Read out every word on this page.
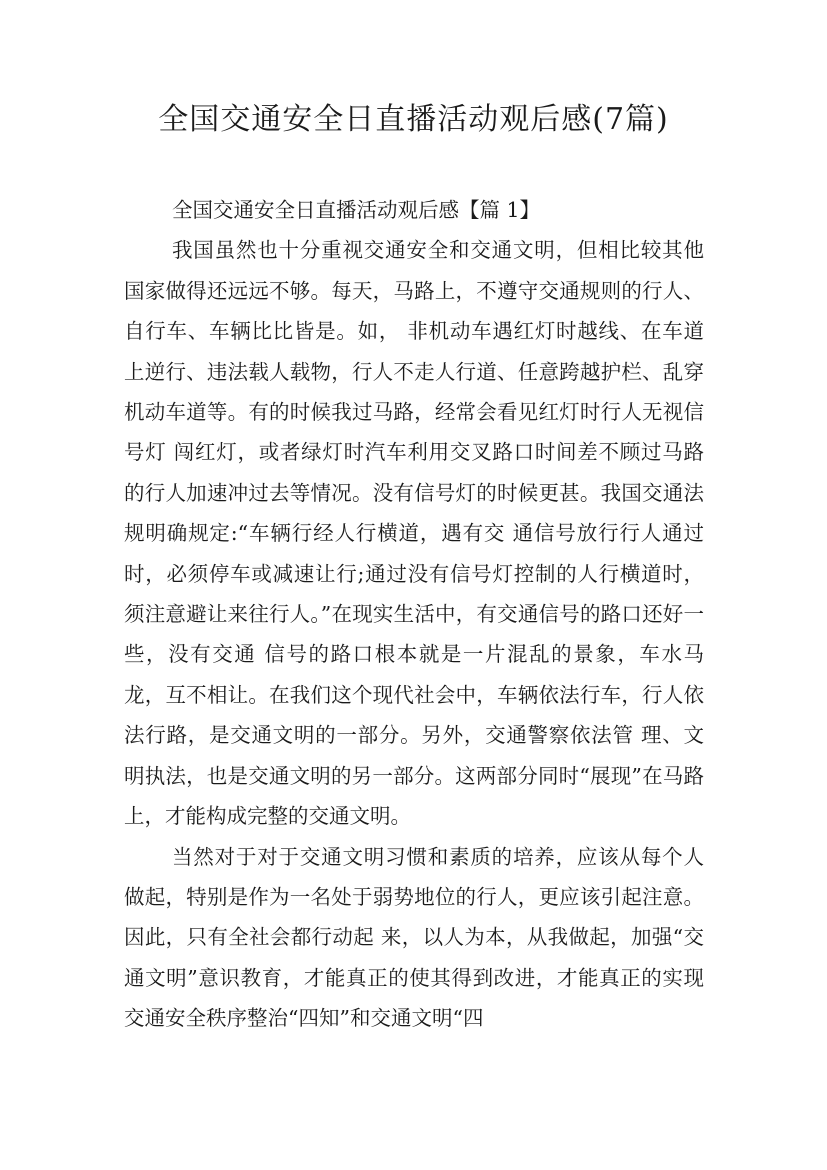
全国交通安全日直播活动观后感(7篇)

全国交通安全日直播活动观后感【篇 1】

我国虽然也十分重视交通安全和交通文明，但相比较其他国家做得还远远不够。每天，马路上，不遵守交通规则的行人、自行车、车辆比比皆是。如， 非机动车遇红灯时越线、在车道上逆行、违法载人载物，行人不走人行道、任意跨越护栏、乱穿机动车道等。有的时候我过马路，经常会看见红灯时行人无视信号灯 闯红灯，或者绿灯时汽车利用交叉路口时间差不顾过马路的行人加速冲过去等情况。没有信号灯的时候更甚。我国交通法规明确规定:“车辆行经人行横道，遇有交 通信号放行行人通过时，必须停车或减速让行;通过没有信号灯控制的人行横道时，须注意避让来往行人。”在现实生活中，有交通信号的路口还好一些，没有交通 信号的路口根本就是一片混乱的景象，车水马龙，互不相让。在我们这个现代社会中，车辆依法行车，行人依法行路，是交通文明的一部分。另外，交通警察依法管 理、文明执法，也是交通文明的另一部分。这两部分同时“展现”在马路上，才能构成完整的交通文明。

当然对于对于交通文明习惯和素质的培养，应该从每个人做起，特别是作为一名处于弱势地位的行人，更应该引起注意。因此，只有全社会都行动起 来，以人为本，从我做起，加强“交通文明”意识教育，才能真正的使其得到改进，才能真正的实现交通安全秩序整治“四知”和交通文明“四
